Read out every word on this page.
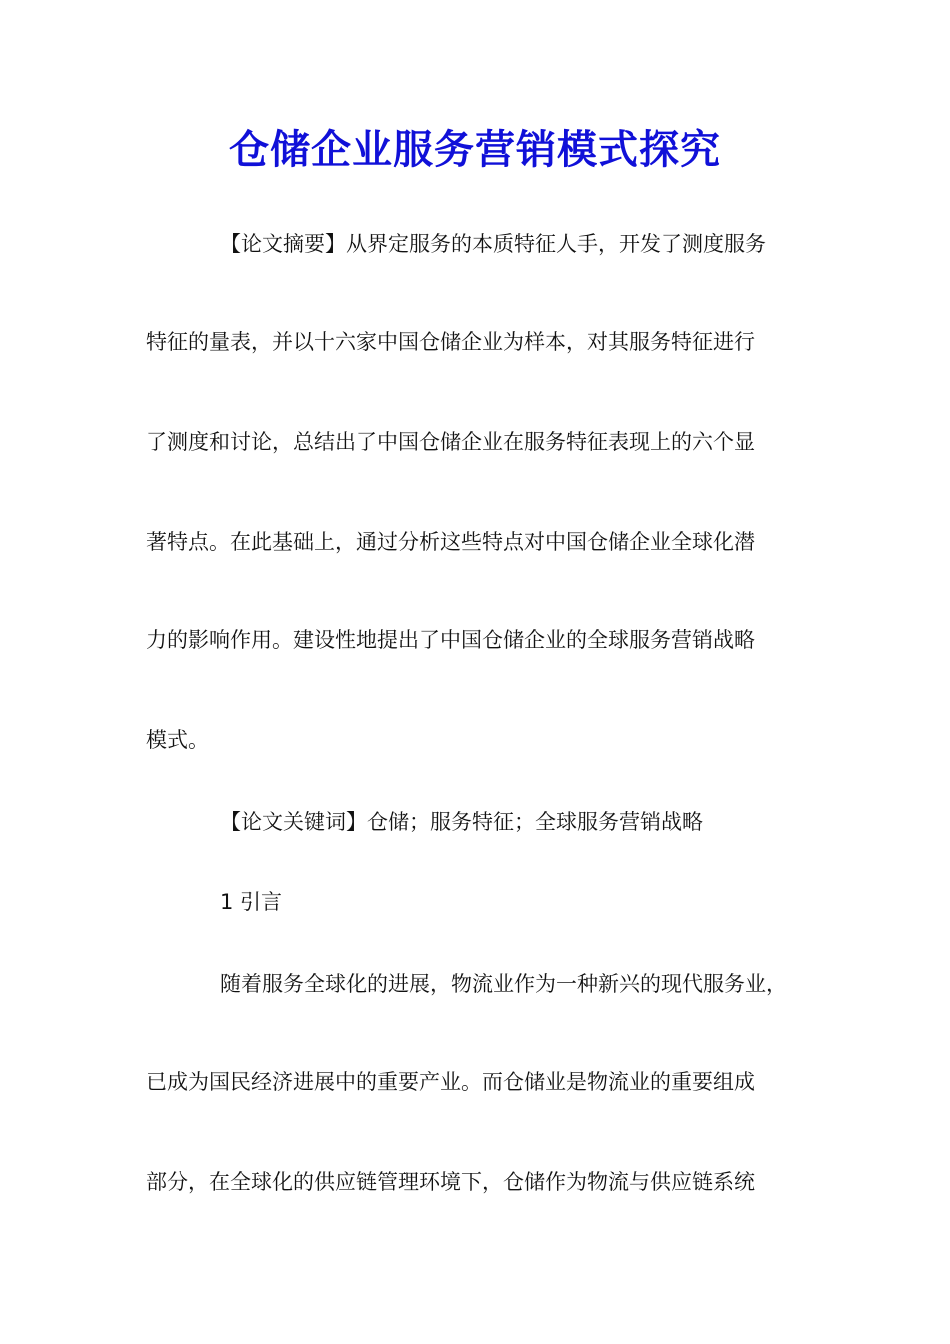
仓储企业服务营销模式探究
【论文摘要】从界定服务的本质特征人手，开发了测度服务
特征的量表，并以十六家中国仓储企业为样本，对其服务特征进行
了测度和讨论，总结出了中国仓储企业在服务特征表现上的六个显
著特点。在此基础上，通过分析这些特点对中国仓储企业全球化潜
力的影响作用。建设性地提出了中国仓储企业的全球服务营销战略
模式。
【论文关键词】仓储；服务特征；全球服务营销战略
1 引言
随着服务全球化的进展，物流业作为一种新兴的现代服务业，
已成为国民经济进展中的重要产业。而仓储业是物流业的重要组成
部分，在全球化的供应链管理环境下，仓储作为物流与供应链系统
